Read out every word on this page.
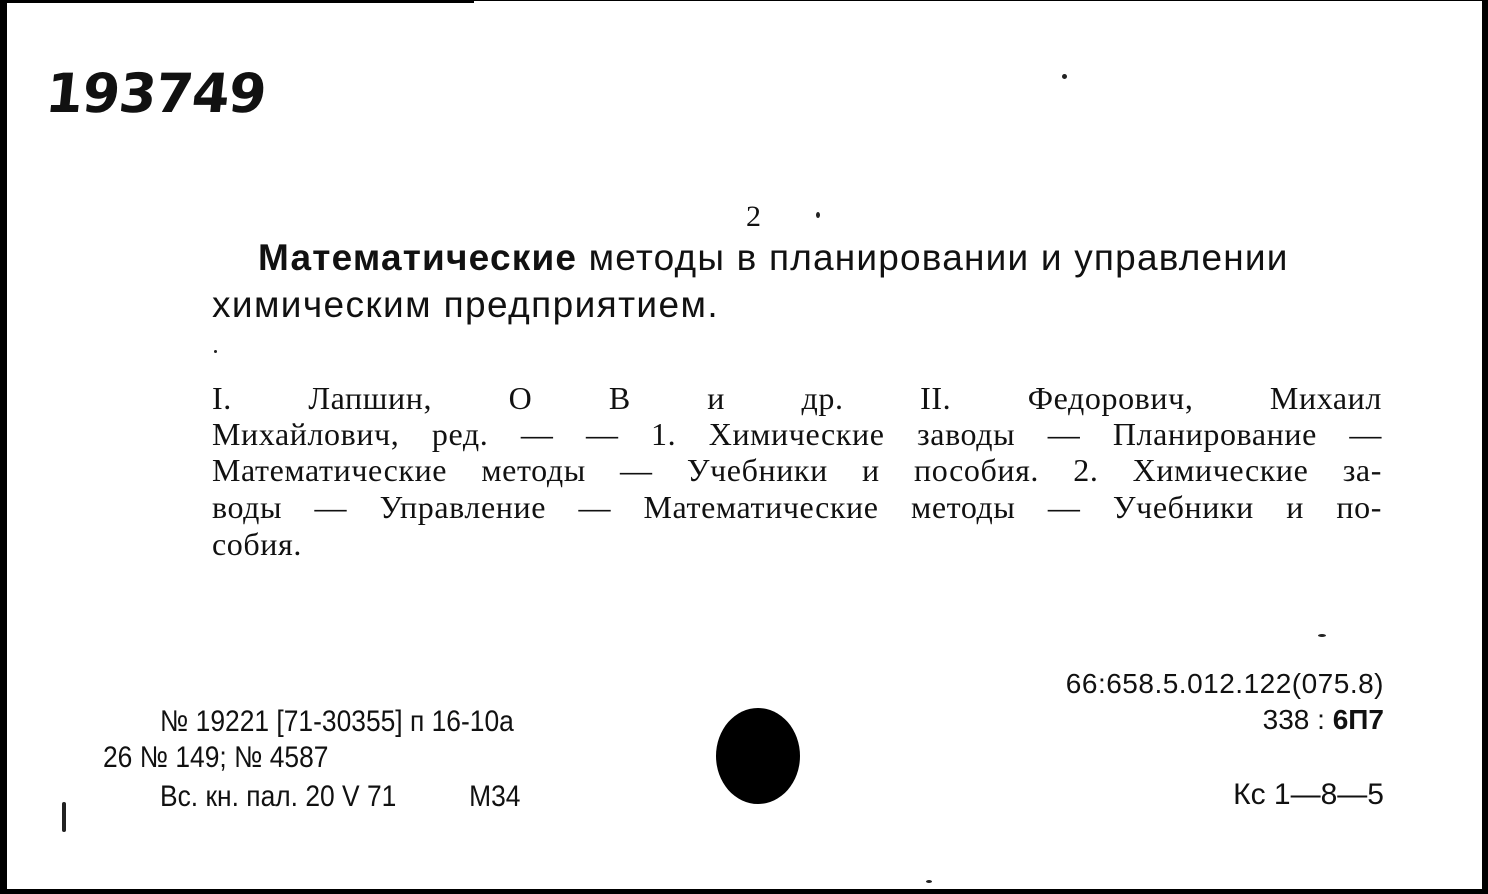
193749
2
Математические методы в планировании и управлении
химическим предприятием.
I. Лапшин, О В и др. II. Федорович, Михаил
Михайлович, ред. — — 1. Химические заводы — Планирование —
Математические методы — Учебники и пособия. 2. Химические за-
воды — Управление — Математические методы — Учебники и по-
собия.
№ 19221 [71-30355] п 16-10а
26 № 149; № 4587
Вс. кн. пал. 20 V 71 М34
66:658.5.012.122(075.8)
338 : 6П7
Кс 1—8—5
